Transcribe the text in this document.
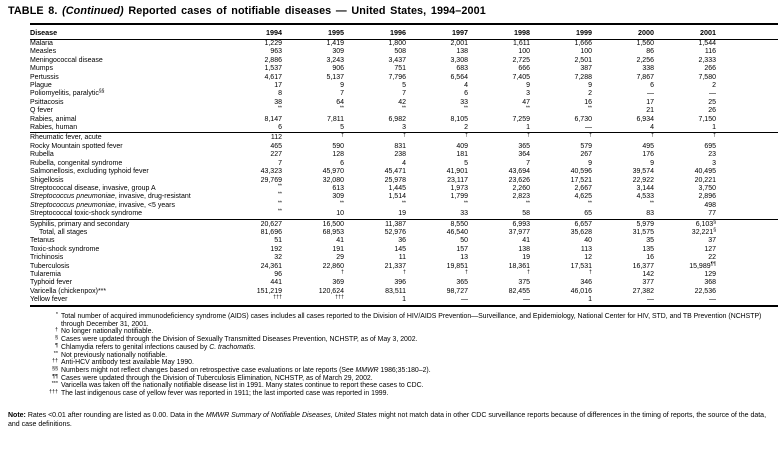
TABLE 8. (Continued) Reported cases of notifiable diseases — United States, 1994–2001
Disease	1994	1995	1996	1997	1998	1999	2000	2001	
Malaria	1,229	1,419	1,800	2,001	1,611	1,666	1,560	1,544	
Measles	963	309	508	138	100	100	86	116	
Meningococcal disease	2,886	3,243	3,437	3,308	2,725	2,501	2,256	2,333	
Mumps	1,537	906	751	683	666	387	338	266	
Pertussis	4,617	5,137	7,796	6,564	7,405	7,288	7,867	7,580	
Plague	17	9	5	4	9	9	6	2	
Poliomyelitis, paralytic§§	8	7	7	6	3	2	—	—	
Psittacosis	38	64	42	33	47	16	17	25	
Q fever	**	**	**	**	**	**	21	26	
Rabies, animal	8,147	7,811	6,982	8,105	7,259	6,730	6,934	7,150	
Rabies, human	6	5	3	2	1	—	4	1	
Rheumatic fever, acute	112	†	†	†	†	†	†	†	
Rocky Mountain spotted fever	465	590	831	409	365	579	495	695	
Rubella	227	128	238	181	364	267	176	23	
Rubella, congenital syndrome	7	6	4	5	7	9	9	3	
Salmonellosis, excluding typhoid fever	43,323	45,970	45,471	41,901	43,694	40,596	39,574	40,495	
Shigellosis	29,769	32,080	25,978	23,117	23,626	17,521	22,922	20,221	
Streptococcal disease, invasive, group A	**	613	1,445	1,973	2,260	2,667	3,144	3,750	
Streptococcus pneumoniae, invasive, drug-resistant	**	309	1,514	1,799	2,823	4,625	4,533	2,896	
Streptococcus pneumoniae, invasive, <5 years	**	**	**	**	**	**	**	498	
Streptococcal toxic-shock syndrome	**	10	19	33	58	65	83	77	
Syphilis, primary and secondary	20,627	16,500	11,387	8,550	6,993	6,657	5,979	6,103§	
Total, all stages	81,696	68,953	52,976	46,540	37,977	35,628	31,575	32,221§	
Tetanus	51	41	36	50	41	40	35	37	
Toxic-shock syndrome	192	191	145	157	138	113	135	127	
Trichinosis	32	29	11	13	19	12	16	22	
Tuberculosis	24,361	22,860	21,337	19,851	18,361	17,531	16,377	15,989¶¶	
Tularemia	96	†	†	†	†	†	142	129	
Typhoid fever	441	369	396	365	375	346	377	368	
Varicella (chickenpox)***	151,219	120,624	83,511	98,727	82,455	46,016	27,382	22,536	
Yellow fever	†††	†††	1	—	—	1	—	—	
* Total number of acquired immunodeficiency syndrome (AIDS) cases includes all cases reported to the Division of HIV/AIDS Prevention—Surveillance, and Epidemiology, National Center for HIV, STD, and TB Prevention (NCHSTP) through December 31, 2001.
† No longer nationally notifiable.
§ Cases were updated through the Division of Sexually Transmitted Diseases Prevention, NCHSTP, as of May 3, 2002.
¶ Chlamydia refers to genital infections caused by C. trachomatis.
** Not previously nationally notifiable.
†† Anti-HCV antibody test available May 1990.
§§ Numbers might not reflect changes based on retrospective case evaluations or late reports (See MMWR 1986;35:180–2).
¶¶ Cases were updated through the Division of Tuberculosis Elimination, NCHSTP, as of March 29, 2002.
*** Varicella was taken off the nationally notifiable disease list in 1991. Many states continue to report these cases to CDC.
††† The last indigenous case of yellow fever was reported in 1911; the last imported case was reported in 1999.
Note: Rates <0.01 after rounding are listed as 0.00. Data in the MMWR Summary of Notifiable Diseases, United States might not match data in other CDC surveillance reports because of differences in the timing of reports, the source of the data, and case definitions.
